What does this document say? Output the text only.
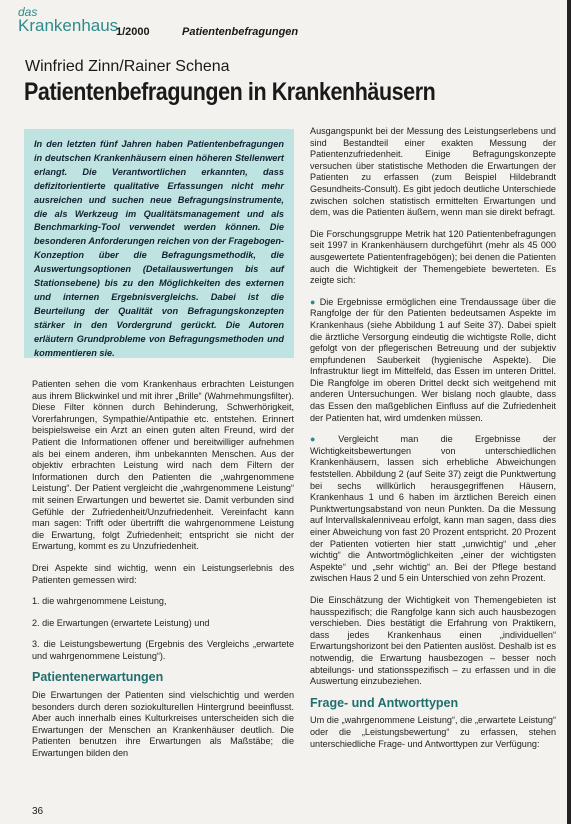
das
Krankenhaus
1/2000	Patientenbefragungen
Winfried Zinn/Rainer Schena
Patientenbefragungen in Krankenhäusern

In den letzten fünf Jahren haben Patientenbefragungen in deutschen Krankenhäusern einen höheren Stellenwert erlangt. Die Verantwortlichen erkannten, dass defizitorientierte qualitative Erfassungen nicht mehr ausreichen und suchen neue Befragungsinstrumente, die als Werkzeug im Qualitätsmanagement und als Benchmarking-Tool verwendet werden können. Die besonderen Anforderungen reichen von der Fragebogen-Konzeption über die Befragungsmethodik, die Auswertungsoptionen (Detailauswertungen bis auf Stationsebene) bis zu den Möglichkeiten des externen und internen Ergebnisvergleichs. Dabei ist die Beurteilung der Qualität von Befragungskonzepten stärker in den Vordergrund gerückt. Die Autoren erläutern Grundprobleme von Befragungsmethoden und kommentieren sie.

Patienten sehen die vom Krankenhaus erbrachten Leistungen aus ihrem Blickwinkel und mit ihrer „Brille“ (Wahrnehmungsfilter). Diese Filter können durch Behinderung, Schwerhörigkeit, Vorerfahrungen, Sympathie/Antipathie etc. entstehen. Erinnert beispielsweise ein Arzt an einen guten alten Freund, wird der Patient die Informationen offener und bereitwilliger aufnehmen als bei einem anderen, ihm unbekannten Menschen. Aus der objektiv erbrachten Leistung wird nach dem Filtern der Informationen durch den Patienten die „wahrgenommene Leistung“. Der Patient vergleicht die „wahrgenommene Leistung“ mit seinen Erwartungen und bewertet sie. Damit verbunden sind Gefühle der Zufriedenheit/Unzufriedenheit. Vereinfacht kann man sagen: Trifft oder übertrifft die wahrgenommene Leistung die Erwartung, folgt Zufriedenheit; entspricht sie nicht der Erwartung, kommt es zu Unzufriedenheit.

Drei Aspekte sind wichtig, wenn ein Leistungserlebnis des Patienten gemessen wird:

1. die wahrgenommene Leistung,
2. die Erwartungen (erwartete Leistung) und
3. die Leistungsbewertung (Ergebnis des Vergleichs „erwartete und wahrgenommene Leistung“).
Patientenerwartungen

Die Erwartungen der Patienten sind vielschichtig und werden besonders durch deren soziokulturellen Hintergrund beeinflusst. Aber auch innerhalb eines Kulturkreises unterscheiden sich die Erwartungen der Menschen an Krankenhäuser deutlich. Die Patienten benutzen ihre Erwartungen als Maßstäbe; die Erwartungen bilden den

Ausgangspunkt bei der Messung des Leistungserlebens und sind Bestandteil einer exakten Messung der Patientenzufriedenheit. Einige Befragungskonzepte versuchen über statistische Methoden die Erwartungen der Patienten zu erfassen (zum Beispiel Hildebrandt Gesundheits-Consult). Es gibt jedoch deutliche Unterschiede zwischen solchen statistisch ermittelten Erwartungen und dem, was die Patienten äußern, wenn man sie direkt befragt.

Die Forschungsgruppe Metrik hat 120 Patientenbefragungen seit 1997 in Krankenhäusern durchgeführt (mehr als 45 000 ausgewertete Patientenfragebögen); bei denen die Patienten auch die Wichtigkeit der Themengebiete bewerteten. Es zeigte sich:

● Die Ergebnisse ermöglichen eine Trendaussage über die Rangfolge der für den Patienten bedeutsamen Aspekte im Krankenhaus (siehe Abbildung 1 auf Seite 37). Dabei spielt die ärztliche Versorgung eindeutig die wichtigste Rolle, dicht gefolgt von der pflegerischen Betreuung und der subjektiv empfundenen Sauberkeit (hygienische Aspekte). Die Infrastruktur liegt im Mittelfeld, das Essen im unteren Drittel. Die Rangfolge im oberen Drittel deckt sich weitgehend mit anderen Untersuchungen. Wer bislang noch glaubte, dass das Essen den maßgeblichen Einfluss auf die Zufriedenheit der Patienten hat, wird umdenken müssen.

● Vergleicht man die Ergebnisse der Wichtigkeitsbewertungen von unterschiedlichen Krankenhäusern, lassen sich erhebliche Abweichungen feststellen. Abbildung 2 (auf Seite 37) zeigt die Punktwertung bei sechs willkürlich herausgegriffenen Häusern, Krankenhaus 1 und 6 haben im ärztlichen Bereich einen Punktwertungsabstand von neun Punkten. Da die Messung auf Intervallskalenniveau erfolgt, kann man sagen, dass dies einer Abweichung von fast 20 Prozent entspricht. 20 Prozent der Patienten votierten hier statt „unwichtig“ und „eher wichtig“ die Antwortmöglichkeiten „einer der wichtigsten Aspekte“ und „sehr wichtig“ an. Bei der Pflege bestand zwischen Haus 2 und 5 ein Unterschied von zehn Prozent.

Die Einschätzung der Wichtigkeit von Themengebieten ist hausspezifisch; die Rangfolge kann sich auch hausbezogen verschieben. Dies bestätigt die Erfahrung von Praktikern, dass jedes Krankenhaus einen „individuellen“ Erwartungshorizont bei den Patienten auslöst. Deshalb ist es notwendig, die Erwartung hausbezogen – besser noch abteilungs- und stationsspezifisch – zu erfassen und in die Auswertung einzubeziehen.

Frage- und Antworttypen

Um die „wahrgenommene Leistung“, die „erwartete Leistung“ oder die „Leistungsbewertung“ zu erfassen, stehen unterschiedliche Frage- und Antworttypen zur Verfügung:

36
